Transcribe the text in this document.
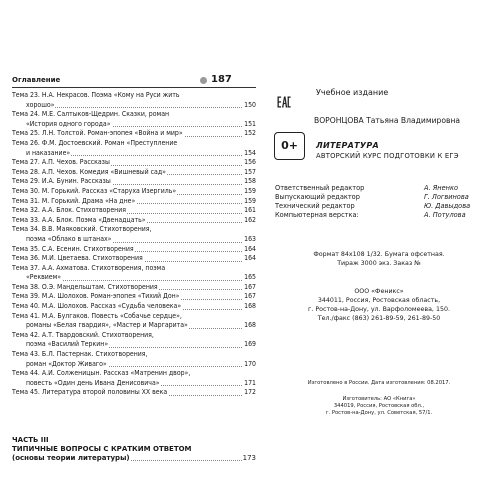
Оглавление	187
Тема 23. Н.А. Некрасов. Поэма «Кому на Руси жить
хорошо»	150
Тема 24. М.Е. Салтыков-Щедрин. Сказки, роман
«История одного города»	151
Тема 25. Л.Н. Толстой. Роман-эпопея «Война и мир»	152
Тема 26. Ф.М. Достоевский. Роман «Преступление
и наказание»	154
Тема 27. А.П. Чехов. Рассказы	156
Тема 28. А.П. Чехов. Комедия «Вишневый сад»	157
Тема 29. И.А. Бунин. Рассказы	158
Тема 30. М. Горький. Рассказ «Старуха Изергиль»	159
Тема 31. М. Горький. Драма «На дне»	159
Тема 32. А.А. Блок. Стихотворения	161
Тема 33. А.А. Блок. Поэма «Двенадцать»	162
Тема 34. В.В. Маяковский. Стихотворения,
поэма «Облако в штанах»	163
Тема 35. С.А. Есенин. Стихотворения	164
Тема 36. М.И. Цветаева. Стихотворения	164
Тема 37. А.А. Ахматова. Стихотворения, поэма
«Реквием»	165
Тема 38. О.Э. Мандельштам. Стихотворения	167
Тема 39. М.А. Шолохов. Роман-эпопея «Тихий Дон»	167
Тема 40. М.А. Шолохов. Рассказ «Судьба человека»	168
Тема 41. М.А. Булгаков. Повесть «Собачье сердце»,
романы «Белая гвардия», «Мастер и Маргарита»	168
Тема 42. А.Т. Твардовский. Стихотворения,
поэма «Василий Теркин»	169
Тема 43. Б.Л. Пастернак. Стихотворения,
роман «Доктор Живаго»	170
Тема 44. А.И. Солженицын. Рассказ «Матренин двор»,
повесть «Один день Ивана Денисовича»	171
Тема 45. Литература второй половины XX века	172
ЧАСТЬ III
ТИПИЧНЫЕ ВОПРОСЫ С КРАТКИМ ОТВЕТОМ
(основы теории литературы)	173
Учебное издание
ВОРОНЦОВА Татьяна Владимировна
0+	ЛИТЕРАТУРА
АВТОРСКИЙ КУРС ПОДГОТОВКИ К ЕГЭ
Ответственный редактор	А. Яненко
Выпускающий редактор	Г. Логвинова
Технический редактор	Ю. Давыдова
Компьютерная верстка:	А. Потулова
Формат 84x108 1/32. Бумага офсетная.
Тираж 3000 экз. Заказ №
ООО «Феникс»
344011, Россия, Ростовская область,
г. Ростов-на-Дону, ул. Варфоломеева, 150.
Тел./факс (863) 261-89-59, 261-89-50
Изготовлено в России. Дата изготовления: 08.2017.
Изготовитель: АО «Книга»
344019, Россия, Ростовская обл.,
г. Ростов-на-Дону, ул. Советская, 57/1.
